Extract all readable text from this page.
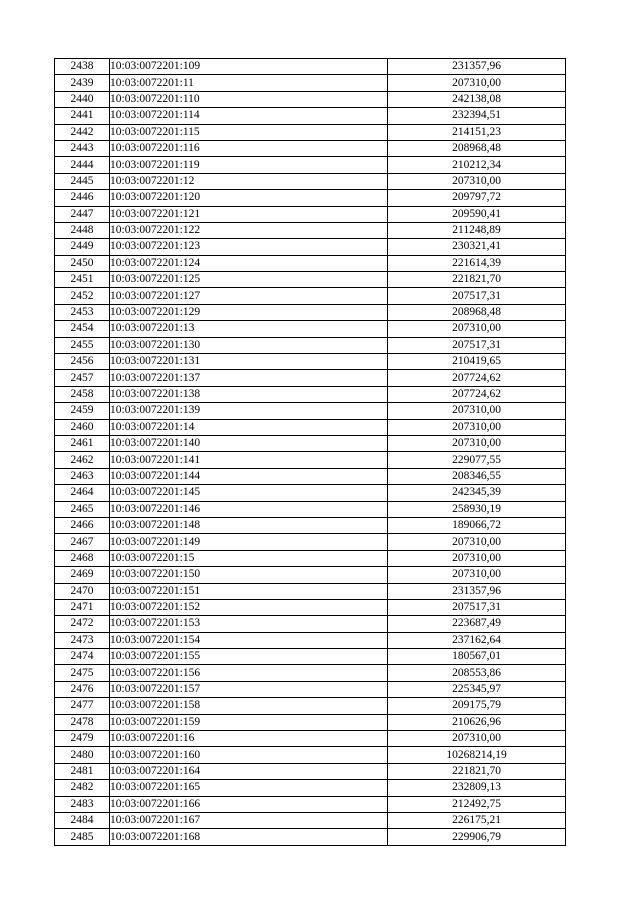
2438	10:03:0072201:109	231357,96
2439	10:03:0072201:11	207310,00
2440	10:03:0072201:110	242138,08
2441	10:03:0072201:114	232394,51
2442	10:03:0072201:115	214151,23
2443	10:03:0072201:116	208968,48
2444	10:03:0072201:119	210212,34
2445	10:03:0072201:12	207310,00
2446	10:03:0072201:120	209797,72
2447	10:03:0072201:121	209590,41
2448	10:03:0072201:122	211248,89
2449	10:03:0072201:123	230321,41
2450	10:03:0072201:124	221614,39
2451	10:03:0072201:125	221821,70
2452	10:03:0072201:127	207517,31
2453	10:03:0072201:129	208968,48
2454	10:03:0072201:13	207310,00
2455	10:03:0072201:130	207517,31
2456	10:03:0072201:131	210419,65
2457	10:03:0072201:137	207724,62
2458	10:03:0072201:138	207724,62
2459	10:03:0072201:139	207310,00
2460	10:03:0072201:14	207310,00
2461	10:03:0072201:140	207310,00
2462	10:03:0072201:141	229077,55
2463	10:03:0072201:144	208346,55
2464	10:03:0072201:145	242345,39
2465	10:03:0072201:146	258930,19
2466	10:03:0072201:148	189066,72
2467	10:03:0072201:149	207310,00
2468	10:03:0072201:15	207310,00
2469	10:03:0072201:150	207310,00
2470	10:03:0072201:151	231357,96
2471	10:03:0072201:152	207517,31
2472	10:03:0072201:153	223687,49
2473	10:03:0072201:154	237162,64
2474	10:03:0072201:155	180567,01
2475	10:03:0072201:156	208553,86
2476	10:03:0072201:157	225345,97
2477	10:03:0072201:158	209175,79
2478	10:03:0072201:159	210626,96
2479	10:03:0072201:16	207310,00
2480	10:03:0072201:160	10268214,19
2481	10:03:0072201:164	221821,70
2482	10:03:0072201:165	232809,13
2483	10:03:0072201:166	212492,75
2484	10:03:0072201:167	226175,21
2485	10:03:0072201:168	229906,79
